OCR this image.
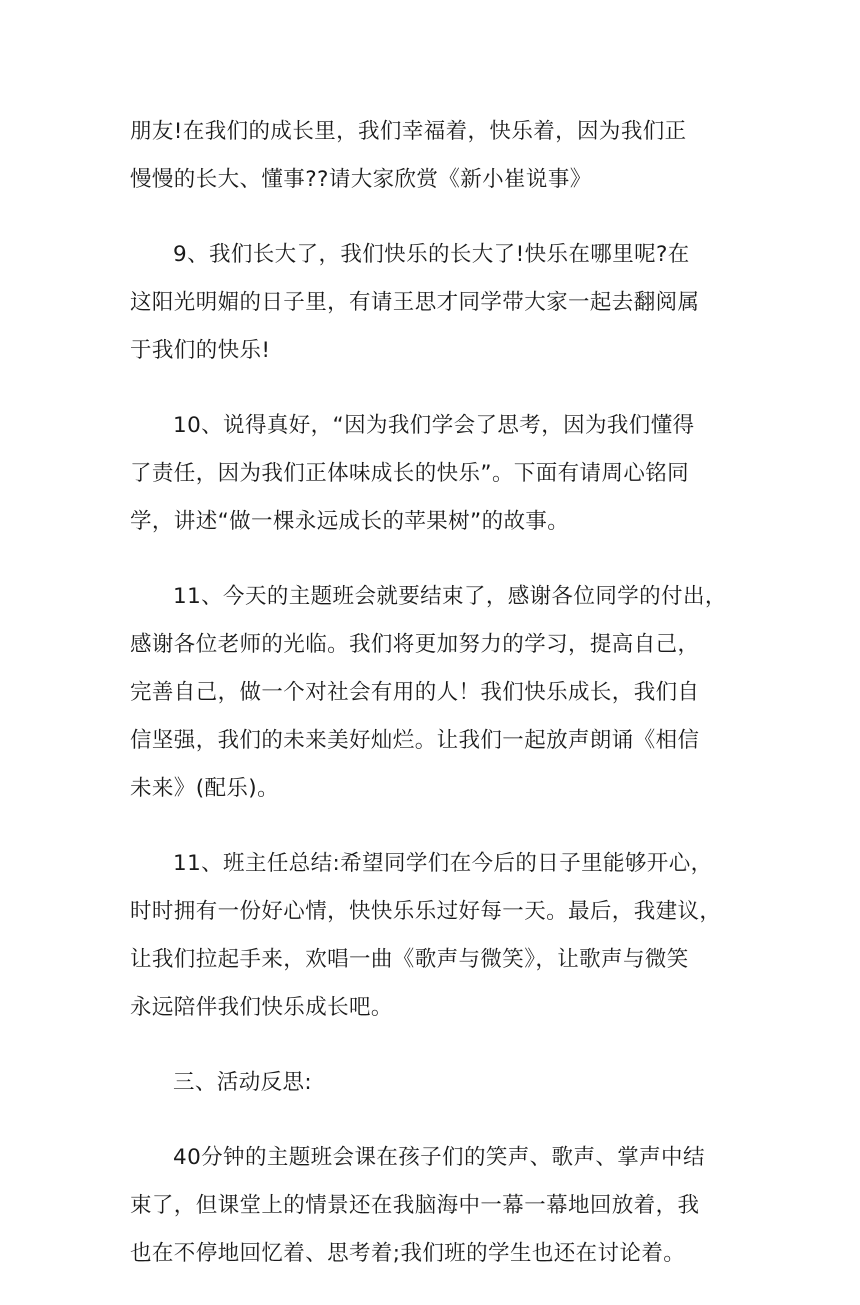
朋友!在我们的成长里，我们幸福着，快乐着，因为我们正
慢慢的长大、懂事??请大家欣赏《新小崔说事》

9、我们长大了，我们快乐的长大了!快乐在哪里呢?在
这阳光明媚的日子里，有请王思才同学带大家一起去翻阅属
于我们的快乐!

10、说得真好，“因为我们学会了思考，因为我们懂得
了责任，因为我们正体味成长的快乐”。下面有请周心铭同
学，讲述“做一棵永远成长的苹果树”的故事。

11、今天的主题班会就要结束了，感谢各位同学的付出，
感谢各位老师的光临。我们将更加努力的学习，提高自己，
完善自己，做一个对社会有用的人！我们快乐成长，我们自
信坚强，我们的未来美好灿烂。让我们一起放声朗诵《相信
未来》(配乐)。

11、班主任总结:希望同学们在今后的日子里能够开心，
时时拥有一份好心情，快快乐乐过好每一天。最后，我建议，
让我们拉起手来，欢唱一曲《歌声与微笑》，让歌声与微笑
永远陪伴我们快乐成长吧。

三、活动反思:

40分钟的主题班会课在孩子们的笑声、歌声、掌声中结
束了，但课堂上的情景还在我脑海中一幕一幕地回放着，我
也在不停地回忆着、思考着;我们班的学生也还在讨论着。
